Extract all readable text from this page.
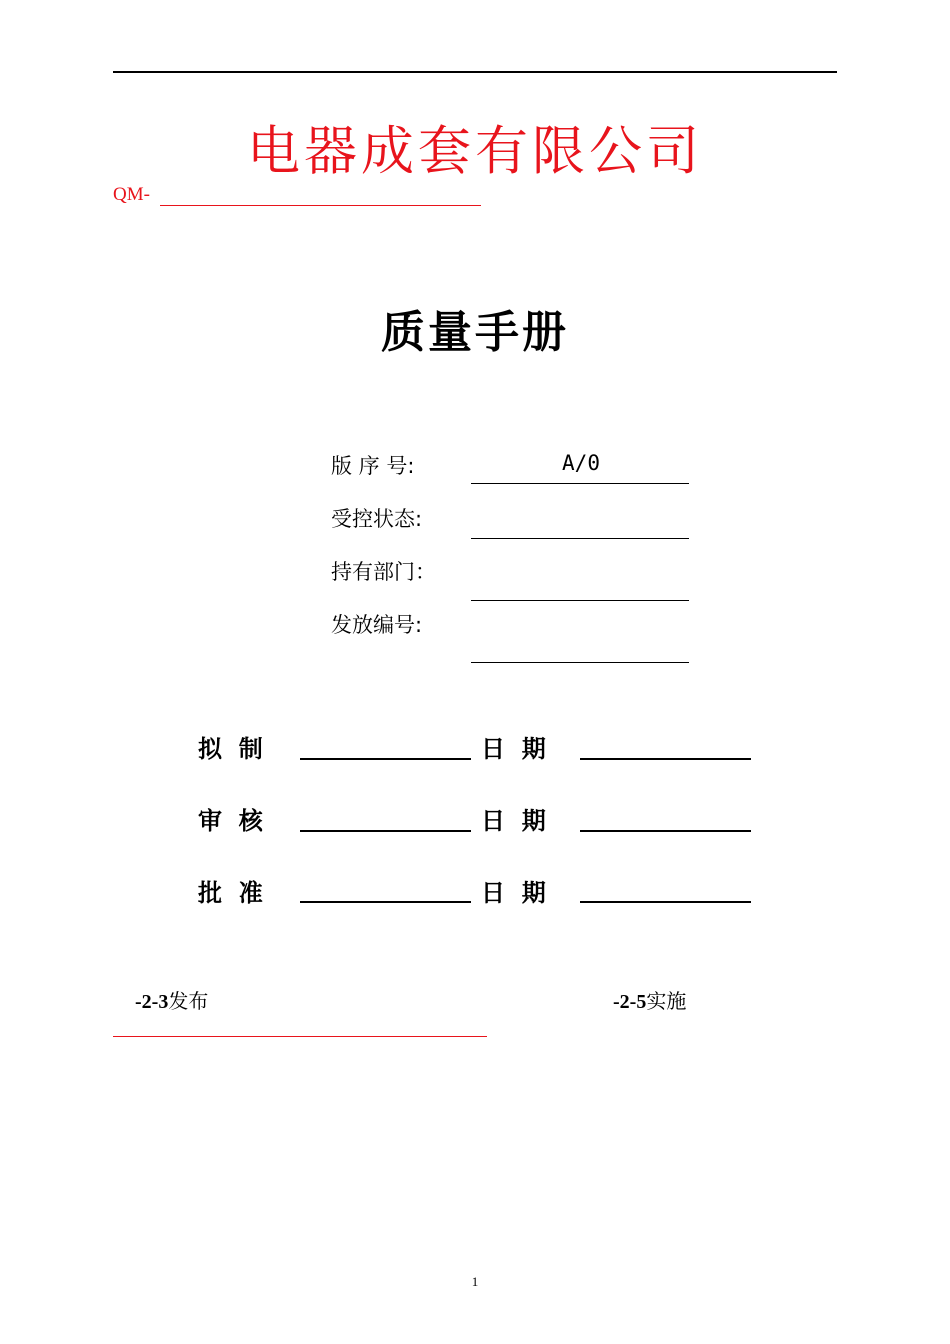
电器成套有限公司
QM-
质量手册
版 序 号:	A/0
受控状态:
持有部门：
发放编号:
拟  制	日  期
审  核	日  期
批  准	日  期
-2-3发布	-2-5实施
1
